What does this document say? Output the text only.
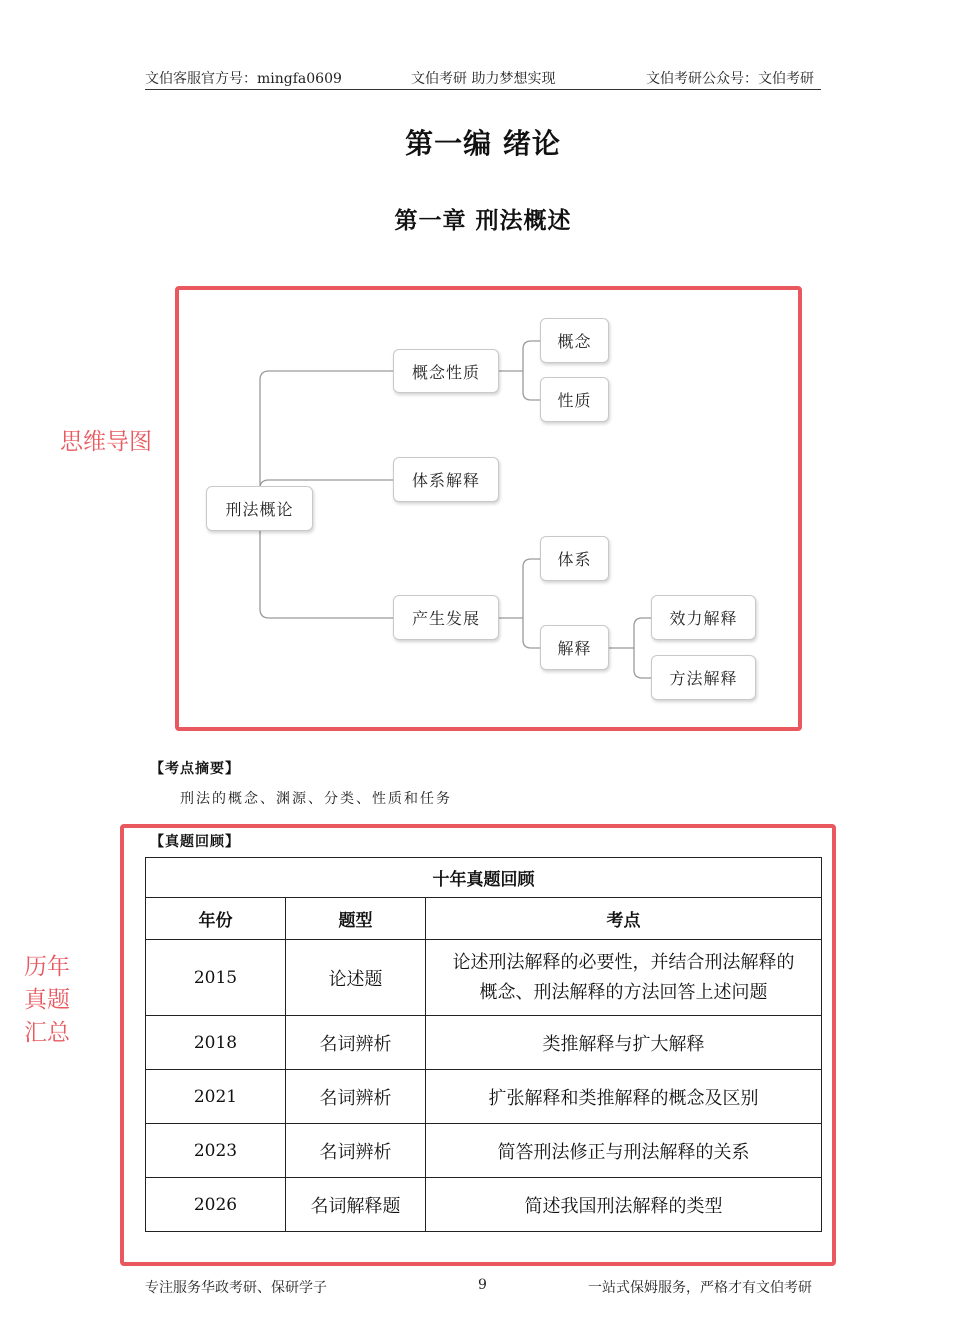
文伯客服官方号：mingfa0609	文伯考研 助力梦想实现	文伯考研公众号：文伯考研
第一编 绪论
第一章 刑法概述
思维导图
刑法概论
概念性质
概念
性质
体系解释
产生发展
体系
解释
效力解释
方法解释
【考点摘要】
刑法的概念、渊源、分类、性质和任务
历年
真题
汇总
【真题回顾】
十年真题回顾		
年份	题型	考点
2015	论述题	论述刑法解释的必要性，并结合刑法解释的
概念、刑法解释的方法回答上述问题

2018	名词辨析	类推解释与扩大解释
2021	名词辨析	扩张解释和类推解释的概念及区别
2023	名词辨析	简答刑法修正与刑法解释的关系
2026	名词解释题	简述我国刑法解释的类型
专注服务华政考研、保研学子	9	一站式保姆服务，严格才有文伯考研
